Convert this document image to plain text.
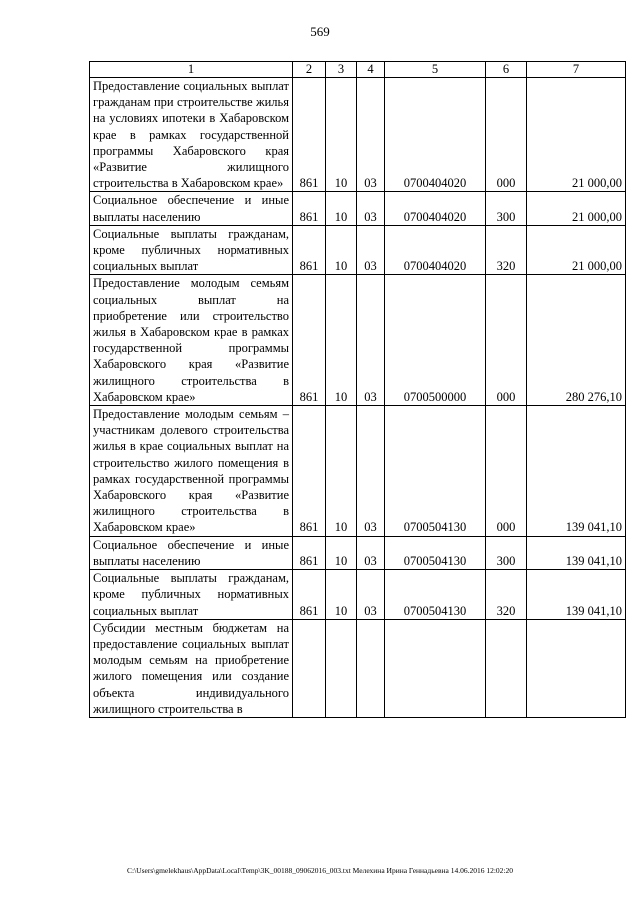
569
1	2	3	4	5	6	7
Предоставление социальных выплат гражданам при строительстве жилья на условиях ипотеки в Хабаровском крае в рамках государственной программы Хабаровского края «Развитие жилищного строительства в Хабаровском крае»	861	10	03	0700404020	000	21 000,00
Социальное обеспечение и иные выплаты населению	861	10	03	0700404020	300	21 000,00
Социальные выплаты гражданам, кроме публичных нормативных социальных выплат	861	10	03	0700404020	320	21 000,00
Предоставление молодым семьям социальных выплат на приобретение или строительство жилья в Хабаровском крае в рамках государственной программы Хабаровского края «Развитие жилищного строительства в Хабаровском крае»	861	10	03	0700500000	000	280 276,10
Предоставление молодым семьям – участникам долевого строительства жилья в крае социальных выплат на строительство жилого помещения в рамках государственной программы Хабаровского края «Развитие жилищного строительства в Хабаровском крае»	861	10	03	0700504130	000	139 041,10
Социальное обеспечение и иные выплаты населению	861	10	03	0700504130	300	139 041,10
Социальные выплаты гражданам, кроме публичных нормативных социальных выплат	861	10	03	0700504130	320	139 041,10
Субсидии местным бюджетам на предоставление социальных выплат молодым семьям на приобретение жилого помещения или создание объекта индивидуального жилищного строительства в						
C:\Users\gmelekhaus\AppData\Local\Temp\3K_00188_09062016_003.txt Мелехина Ирина Геннадьевна 14.06.2016 12:02:20
